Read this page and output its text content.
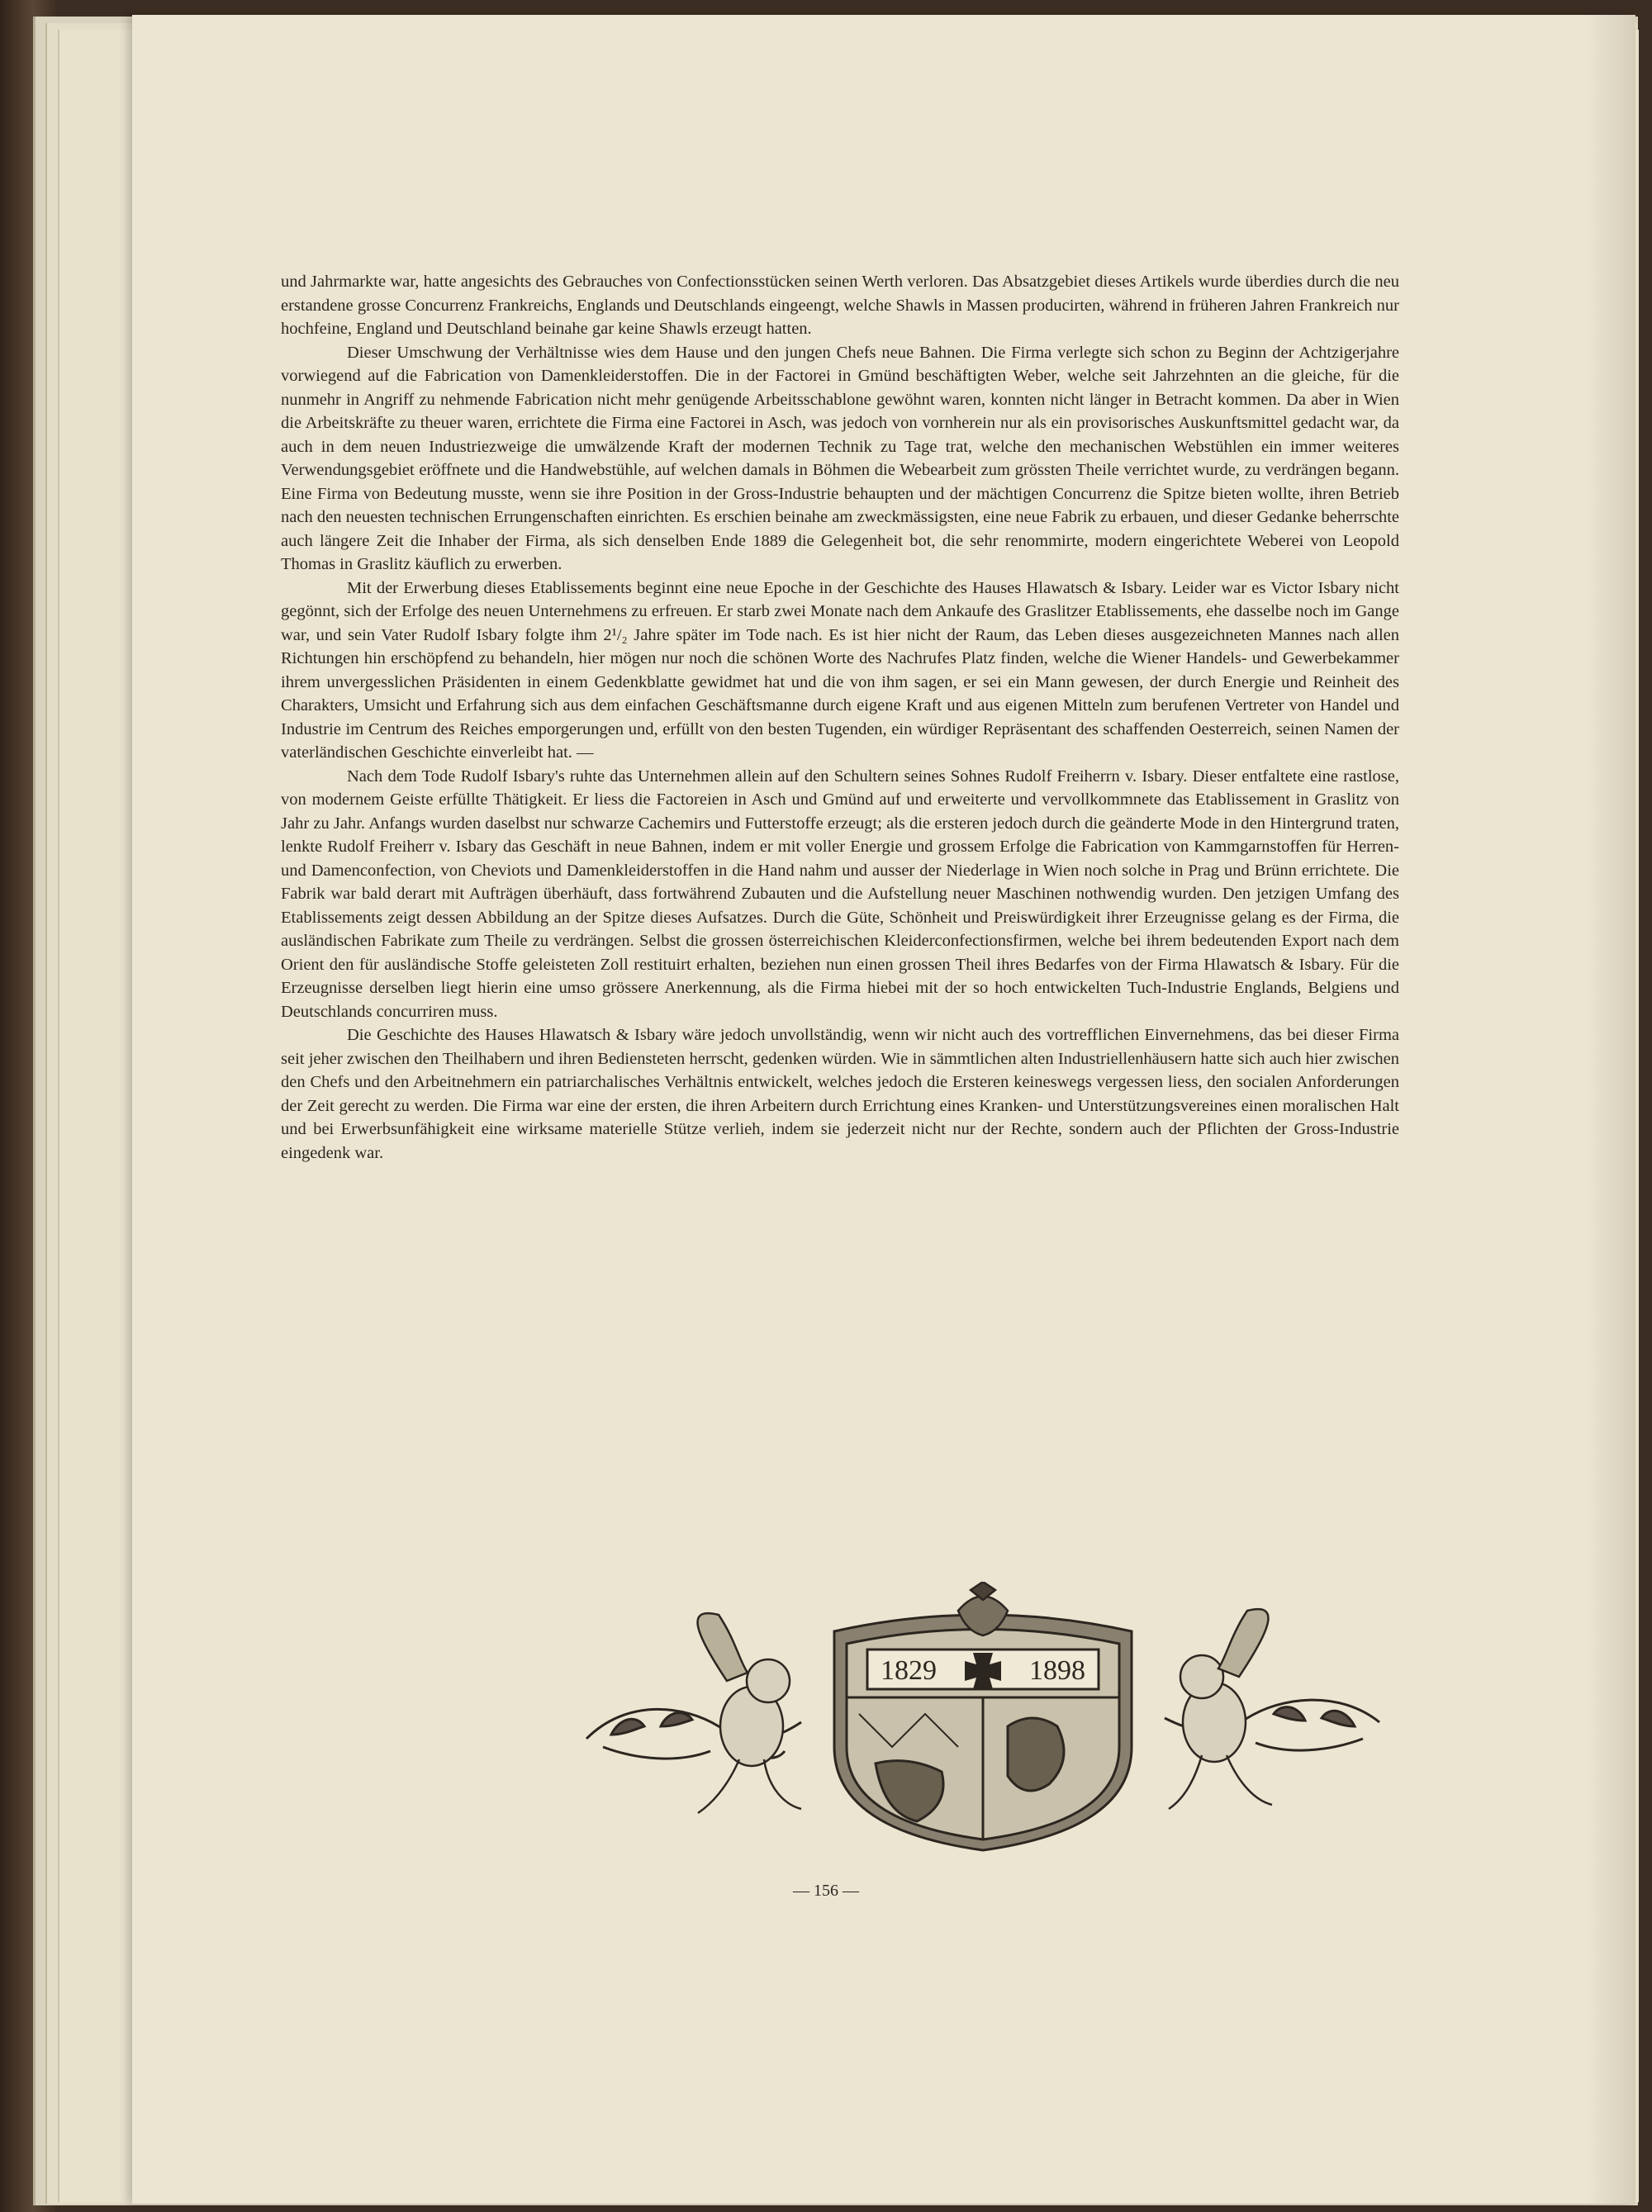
und Jahrmarkte war, hatte angesichts des Gebrauches von Confectionsstücken seinen Werth verloren. Das Absatzgebiet dieses Artikels wurde überdies durch die neu erstandene grosse Concurrenz Frankreichs, Englands und Deutschlands eingeengt, welche Shawls in Massen producirten, während in früheren Jahren Frankreich nur hochfeine, England und Deutschland beinahe gar keine Shawls erzeugt hatten.

Dieser Umschwung der Verhältnisse wies dem Hause und den jungen Chefs neue Bahnen. Die Firma verlegte sich schon zu Beginn der Achtzigerjahre vorwiegend auf die Fabrication von Damenkleiderstoffen. Die in der Factorei in Gmünd beschäftigten Weber, welche seit Jahrzehnten an die gleiche, für die nunmehr in Angriff zu nehmende Fabrication nicht mehr genügende Arbeitsschablone gewöhnt waren, konnten nicht länger in Betracht kommen. Da aber in Wien die Arbeitskräfte zu theuer waren, errichtete die Firma eine Factorei in Asch, was jedoch von vornherein nur als ein provisorisches Auskunftsmittel gedacht war, da auch in dem neuen Industriezweige die umwälzende Kraft der modernen Technik zu Tage trat, welche den mechanischen Webstühlen ein immer weiteres Verwendungsgebiet eröffnete und die Handwebstühle, auf welchen damals in Böhmen die Webearbeit zum grössten Theile verrichtet wurde, zu verdrängen begann. Eine Firma von Bedeutung musste, wenn sie ihre Position in der Gross-Industrie behaupten und der mächtigen Concurrenz die Spitze bieten wollte, ihren Betrieb nach den neuesten technischen Errungenschaften einrichten. Es erschien beinahe am zweckmässigsten, eine neue Fabrik zu erbauen, und dieser Gedanke beherrschte auch längere Zeit die Inhaber der Firma, als sich denselben Ende 1889 die Gelegenheit bot, die sehr renommirte, modern eingerichtete Weberei von Leopold Thomas in Graslitz käuflich zu erwerben.

Mit der Erwerbung dieses Etablissements beginnt eine neue Epoche in der Geschichte des Hauses Hlawatsch & Isbary. Leider war es Victor Isbary nicht gegönnt, sich der Erfolge des neuen Unternehmens zu erfreuen. Er starb zwei Monate nach dem Ankaufe des Graslitzer Etablissements, ehe dasselbe noch im Gange war, und sein Vater Rudolf Isbary folgte ihm 2¹/₂ Jahre später im Tode nach. Es ist hier nicht der Raum, das Leben dieses ausgezeichneten Mannes nach allen Richtungen hin erschöpfend zu behandeln, hier mögen nur noch die schönen Worte des Nachrufes Platz finden, welche die Wiener Handels- und Gewerbekammer ihrem unvergesslichen Präsidenten in einem Gedenkblatte gewidmet hat und die von ihm sagen, er sei ein Mann gewesen, der durch Energie und Reinheit des Charakters, Umsicht und Erfahrung sich aus dem einfachen Geschäftsmanne durch eigene Kraft und aus eigenen Mitteln zum berufenen Vertreter von Handel und Industrie im Centrum des Reiches emporgerungen und, erfüllt von den besten Tugenden, ein würdiger Repräsentant des schaffenden Oesterreich, seinen Namen der vaterländischen Geschichte einverleibt hat. —

Nach dem Tode Rudolf Isbary's ruhte das Unternehmen allein auf den Schultern seines Sohnes Rudolf Freiherrn v. Isbary. Dieser entfaltete eine rastlose, von modernem Geiste erfüllte Thätigkeit. Er liess die Factoreien in Asch und Gmünd auf und erweiterte und vervollkommnete das Etablissement in Graslitz von Jahr zu Jahr. Anfangs wurden daselbst nur schwarze Cachemirs und Futterstoffe erzeugt; als die ersteren jedoch durch die geänderte Mode in den Hintergrund traten, lenkte Rudolf Freiherr v. Isbary das Geschäft in neue Bahnen, indem er mit voller Energie und grossem Erfolge die Fabrication von Kammgarnstoffen für Herren- und Damenconfection, von Cheviots und Damenkleiderstoffen in die Hand nahm und ausser der Niederlage in Wien noch solche in Prag und Brünn errichtete. Die Fabrik war bald derart mit Aufträgen überhäuft, dass fortwährend Zubauten und die Aufstellung neuer Maschinen nothwendig wurden. Den jetzigen Umfang des Etablissements zeigt dessen Abbildung an der Spitze dieses Aufsatzes. Durch die Güte, Schönheit und Preiswürdigkeit ihrer Erzeugnisse gelang es der Firma, die ausländischen Fabrikate zum Theile zu verdrängen. Selbst die grossen österreichischen Kleiderconfectionsfirmen, welche bei ihrem bedeutenden Export nach dem Orient den für ausländische Stoffe geleisteten Zoll restituirt erhalten, beziehen nun einen grossen Theil ihres Bedarfes von der Firma Hlawatsch & Isbary. Für die Erzeugnisse derselben liegt hierin eine umso grössere Anerkennung, als die Firma hiebei mit der so hoch entwickelten Tuch-Industrie Englands, Belgiens und Deutschlands concurriren muss.

Die Geschichte des Hauses Hlawatsch & Isbary wäre jedoch unvollständig, wenn wir nicht auch des vortrefflichen Einvernehmens, das bei dieser Firma seit jeher zwischen den Theilhabern und ihren Bediensteten herrscht, gedenken würden. Wie in sämmtlichen alten Industriellenhäusern hatte sich auch hier zwischen den Chefs und den Arbeitnehmern ein patriarchalisches Verhältnis entwickelt, welches jedoch die Ersteren keineswegs vergessen liess, den socialen Anforderungen der Zeit gerecht zu werden. Die Firma war eine der ersten, die ihren Arbeitern durch Errichtung eines Kranken- und Unterstützungsvereines einen moralischen Halt und bei Erwerbsunfähigkeit eine wirksame materielle Stütze verlieh, indem sie jederzeit nicht nur der Rechte, sondern auch der Pflichten der Gross-Industrie eingedenk war.

1829	1898
— 156 —
